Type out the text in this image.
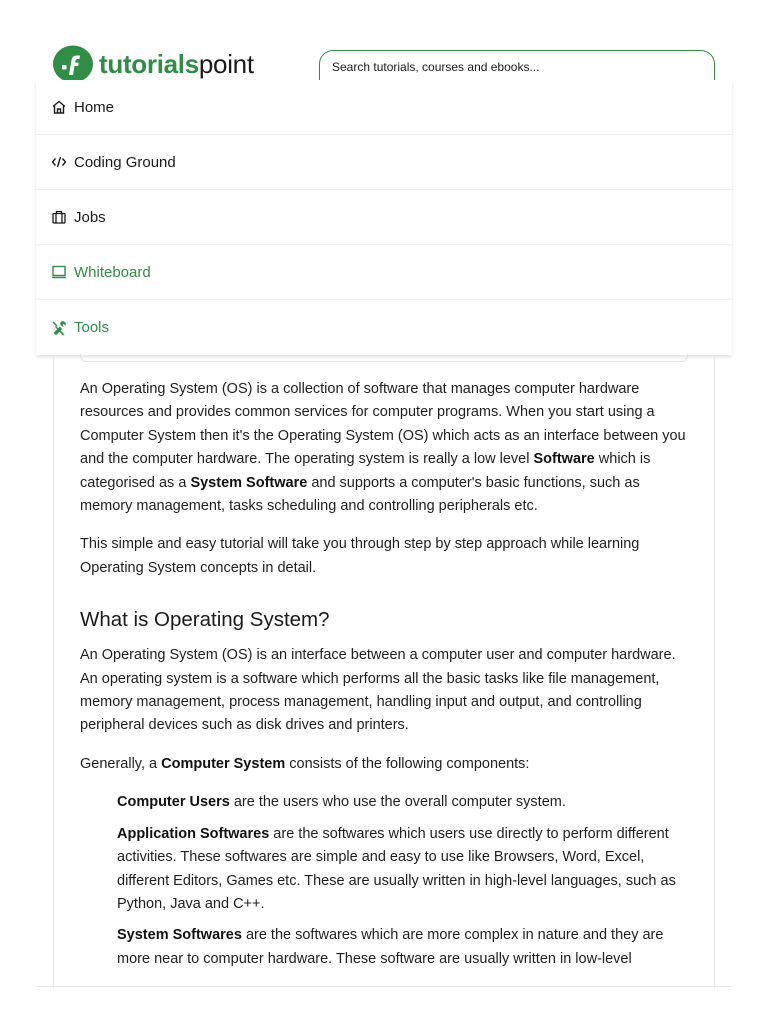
tutorialspoint
Search tutorials, courses and ebooks...
Home
Coding Ground
Jobs
Whiteboard
Tools

An Operating System (OS) is a collection of software that manages computer hardware resources and provides common services for computer programs. When you start using a Computer System then it's the Operating System (OS) which acts as an interface between you and the computer hardware. The operating system is really a low level Software which is categorised as a System Software and supports a computer's basic functions, such as memory management, tasks scheduling and controlling peripherals etc.

This simple and easy tutorial will take you through step by step approach while learning Operating System concepts in detail.

What is Operating System?

An Operating System (OS) is an interface between a computer user and computer hardware. An operating system is a software which performs all the basic tasks like file management, memory management, process management, handling input and output, and controlling peripheral devices such as disk drives and printers.

Generally, a Computer System consists of the following components:

Computer Users are the users who use the overall computer system.
Application Softwares are the softwares which users use directly to perform different activities. These softwares are simple and easy to use like Browsers, Word, Excel, different Editors, Games etc. These are usually written in high-level languages, such as Python, Java and C++.
System Softwares are the softwares which are more complex in nature and they are more near to computer hardware. These software are usually written in low-level
